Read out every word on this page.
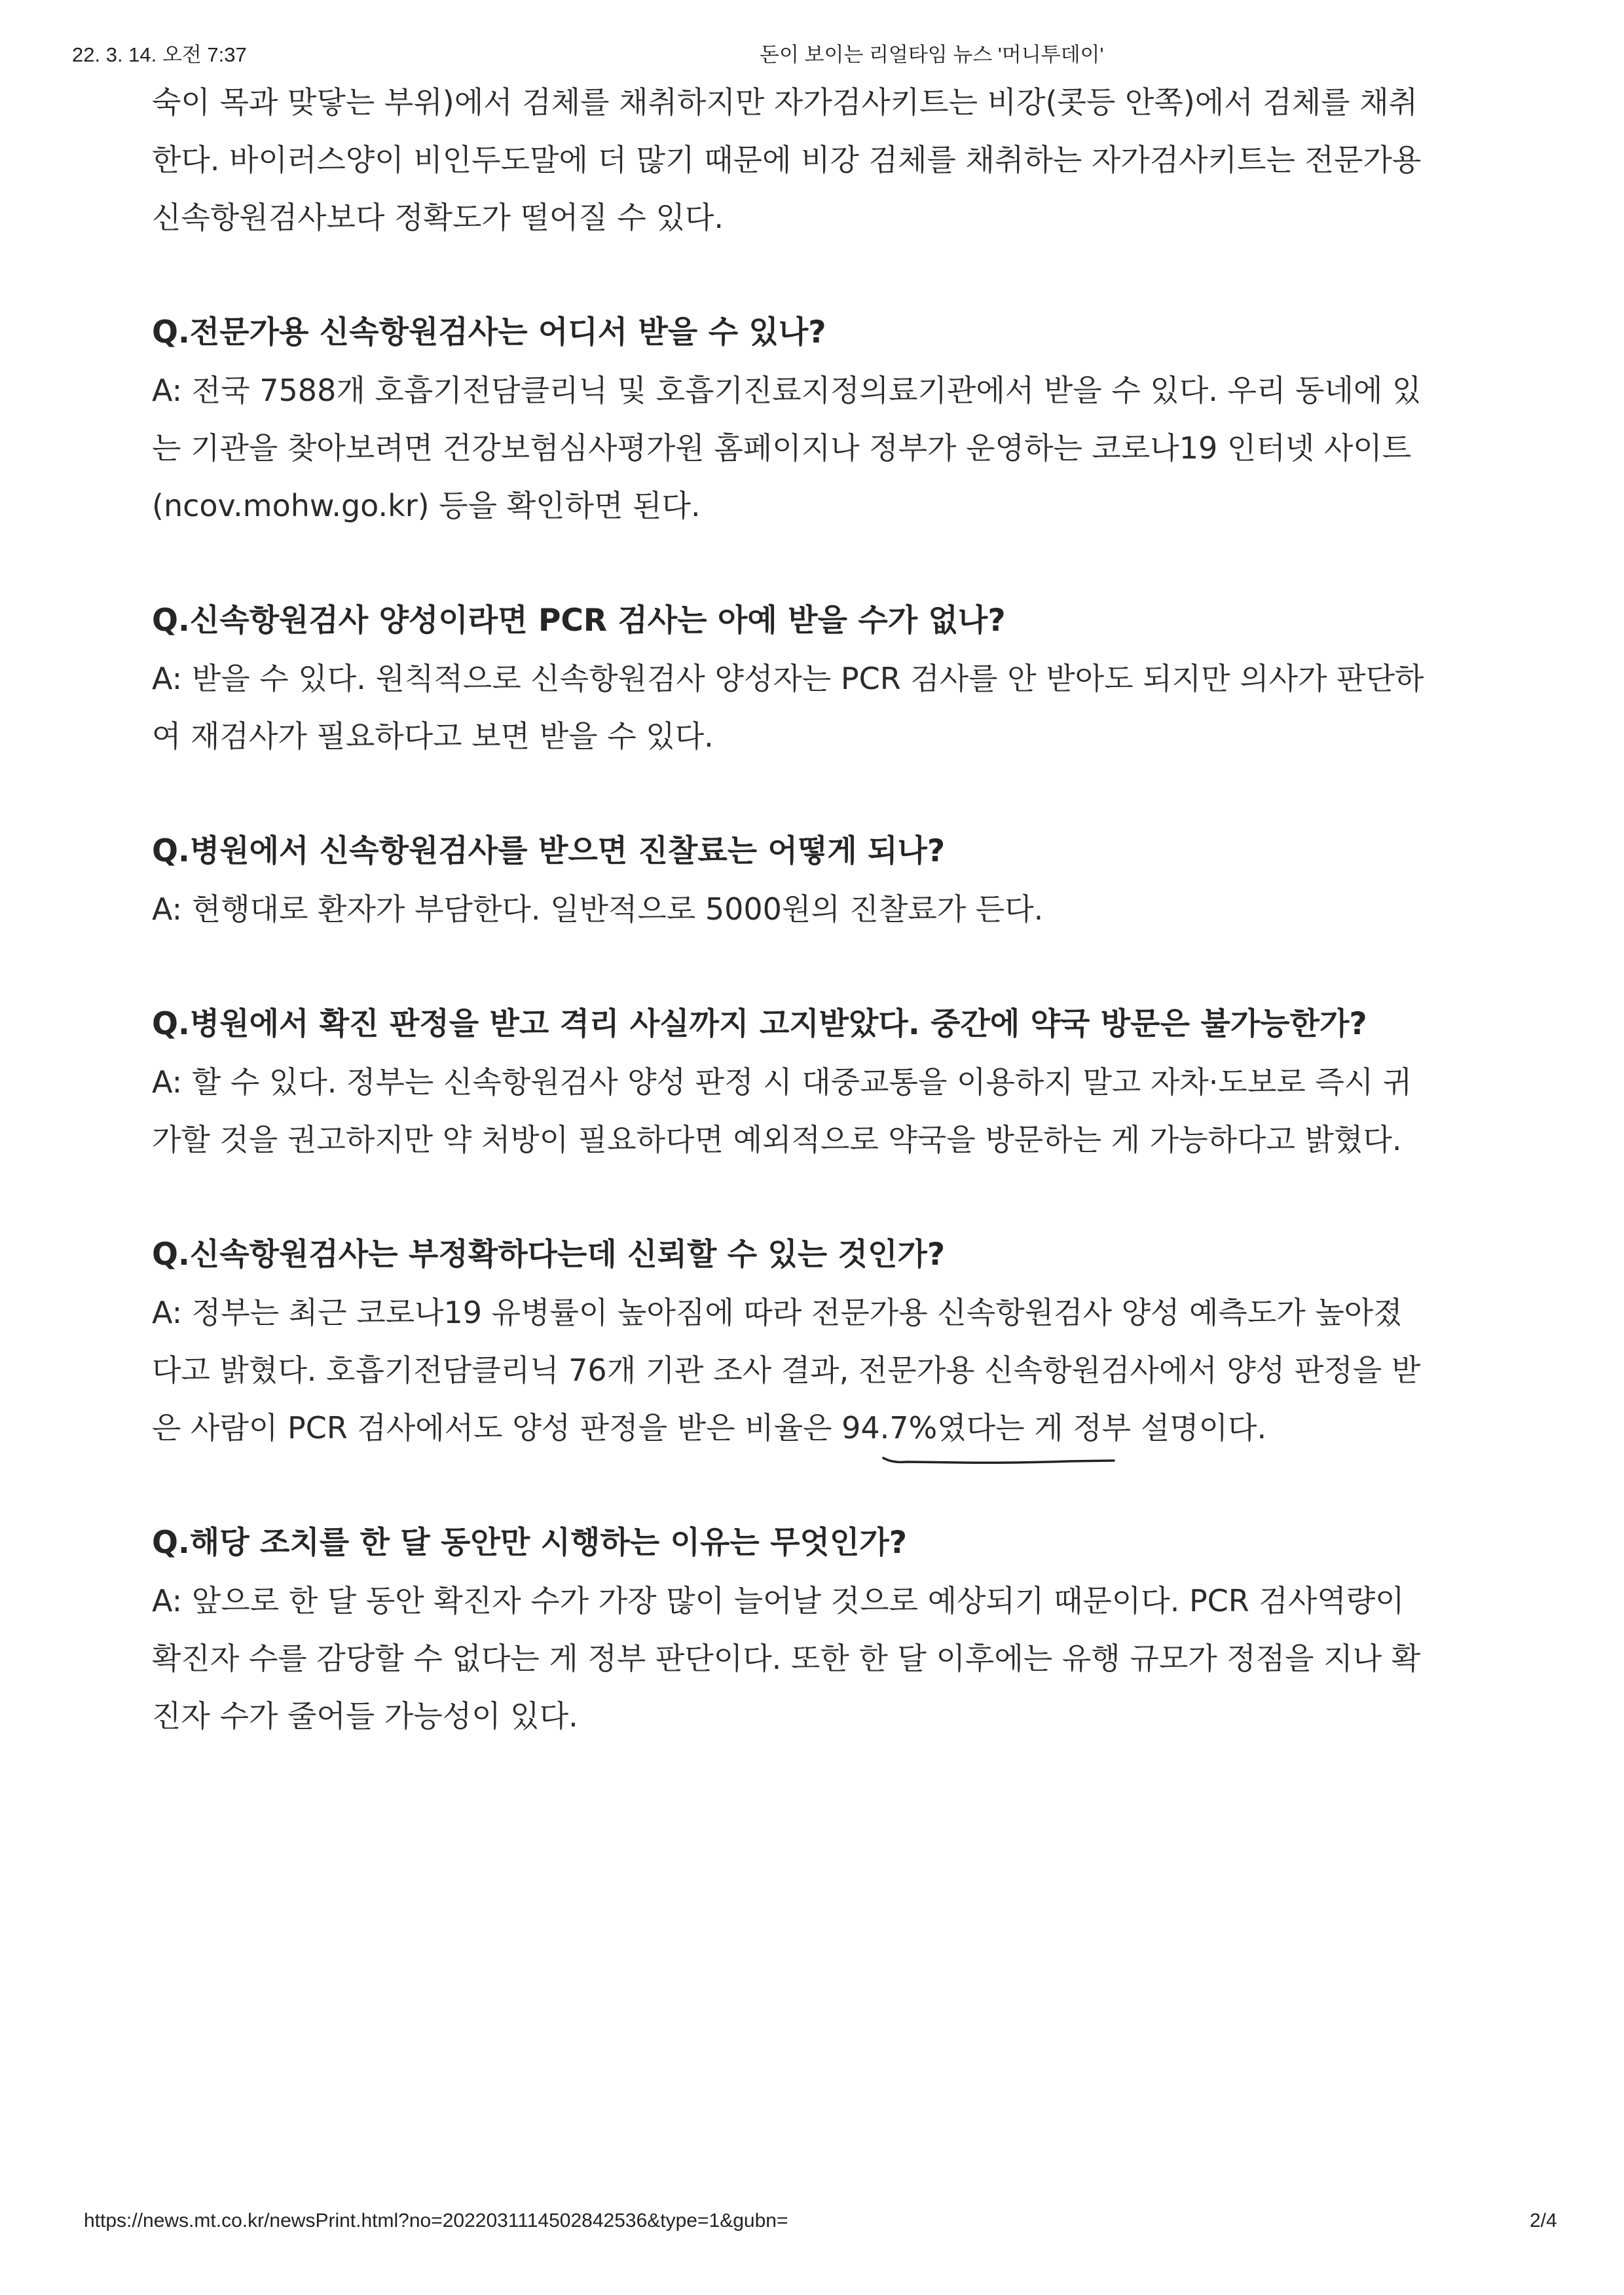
22. 3. 14. 오전 7:37	돈이 보이는 리얼타임 뉴스 '머니투데이'

숙이 목과 맞닿는 부위)에서 검체를 채취하지만 자가검사키트는 비강(콧등 안쪽)에서 검체를 채취
한다. 바이러스양이 비인두도말에 더 많기 때문에 비강 검체를 채취하는 자가검사키트는 전문가용
신속항원검사보다 정확도가 떨어질 수 있다.

Q.전문가용 신속항원검사는 어디서 받을 수 있나?

A: 전국 7588개 호흡기전담클리닉 및 호흡기진료지정의료기관에서 받을 수 있다. 우리 동네에 있
는 기관을 찾아보려면 건강보험심사평가원 홈페이지나 정부가 운영하는 코로나19 인터넷 사이트
(ncov.mohw.go.kr) 등을 확인하면 된다.

Q.신속항원검사 양성이라면 PCR 검사는 아예 받을 수가 없나?

A: 받을 수 있다. 원칙적으로 신속항원검사 양성자는 PCR 검사를 안 받아도 되지만 의사가 판단하
여 재검사가 필요하다고 보면 받을 수 있다.

Q.병원에서 신속항원검사를 받으면 진찰료는 어떻게 되나?

A: 현행대로 환자가 부담한다. 일반적으로 5000원의 진찰료가 든다.

Q.병원에서 확진 판정을 받고 격리 사실까지 고지받았다. 중간에 약국 방문은 불가능한가?

A: 할 수 있다. 정부는 신속항원검사 양성 판정 시 대중교통을 이용하지 말고 자차·도보로 즉시 귀
가할 것을 권고하지만 약 처방이 필요하다면 예외적으로 약국을 방문하는 게 가능하다고 밝혔다.

Q.신속항원검사는 부정확하다는데 신뢰할 수 있는 것인가?

A: 정부는 최근 코로나19 유병률이 높아짐에 따라 전문가용 신속항원검사 양성 예측도가 높아졌
다고 밝혔다. 호흡기전담클리닉 76개 기관 조사 결과, 전문가용 신속항원검사에서 양성 판정을 받
은 사람이 PCR 검사에서도 양성 판정을 받은 비율은 94.7%였다는 게 정부 설명이다.

Q.해당 조치를 한 달 동안만 시행하는 이유는 무엇인가?

A: 앞으로 한 달 동안 확진자 수가 가장 많이 늘어날 것으로 예상되기 때문이다. PCR 검사역량이
확진자 수를 감당할 수 없다는 게 정부 판단이다. 또한 한 달 이후에는 유행 규모가 정점을 지나 확
진자 수가 줄어들 가능성이 있다.

https://news.mt.co.kr/newsPrint.html?no=2022031114502842536&type=1&gubn=	2/4
